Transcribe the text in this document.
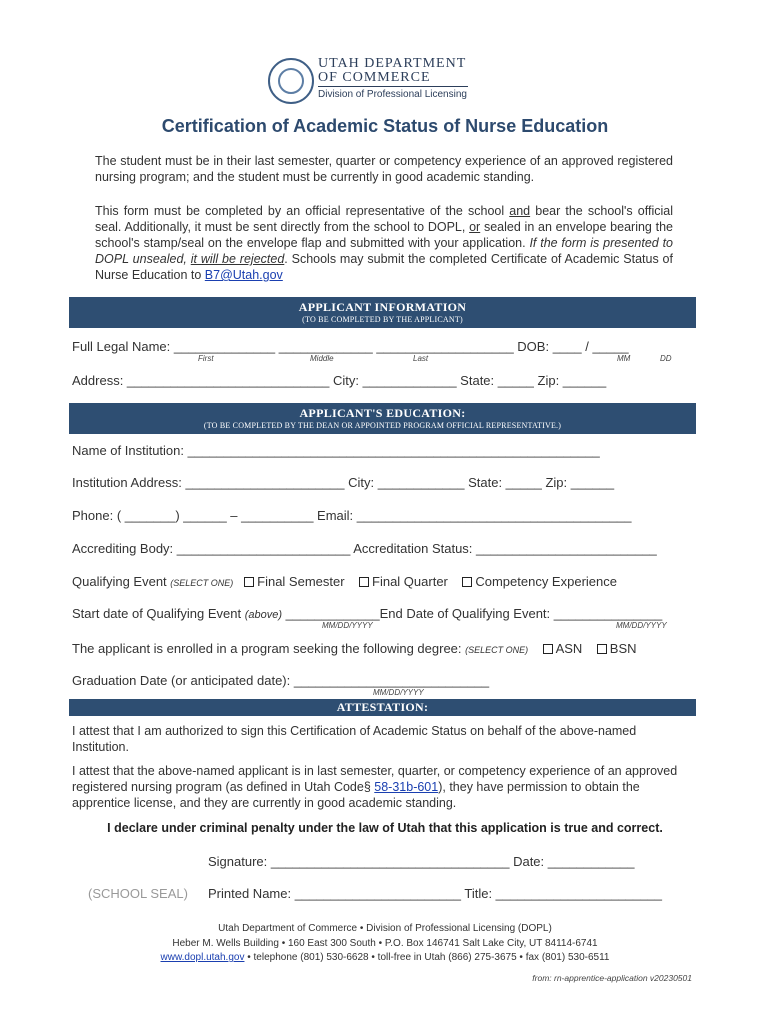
UTAH DEPARTMENT
OF COMMERCE
Division of Professional Licensing
Certification of Academic Status of Nurse Education
The student must be in their last semester, quarter or competency experience of an approved registered nursing program; and the student must be currently in good academic standing.
This form must be completed by an official representative of the school and bear the school's official seal. Additionally, it must be sent directly from the school to DOPL, or sealed in an envelope bearing the school's stamp/seal on the envelope flap and submitted with your application. If the form is presented to DOPL unsealed, it will be rejected. Schools may submit the completed Certificate of Academic Status of Nurse Education to B7@Utah.gov
APPLICANT INFORMATION
(TO BE COMPLETED BY THE APPLICANT)
Full Legal Name: ______________ _____________ ___________________ DOB: ____ / _____
First	Middle	Last	MM	DD
Address: ____________________________ City: _____________ State: _____ Zip: ______
APPLICANT'S EDUCATION:
(TO BE COMPLETED BY THE DEAN OR APPOINTED PROGRAM OFFICIAL REPRESENTATIVE.)
Name of Institution: _________________________________________________________
Institution Address: ______________________ City: ____________ State: _____ Zip: ______
Phone: ( _______) ______ – __________ Email: ______________________________________
Accrediting Body: ________________________ Accreditation Status: _________________________
Qualifying Event (SELECT ONE) Final Semester Final Quarter Competency Experience
Start date of Qualifying Event (above) _____________End Date of Qualifying Event: _______________
MM/DD/YYYY	MM/DD/YYYY
The applicant is enrolled in a program seeking the following degree: (SELECT ONE) ASN BSN
Graduation Date (or anticipated date): ___________________________
MM/DD/YYYY
ATTESTATION:
I attest that I am authorized to sign this Certification of Academic Status on behalf of the above-named Institution.
I attest that the above-named applicant is in last semester, quarter, or competency experience of an approved registered nursing program (as defined in Utah Code§ 58-31b-601), they have permission to obtain the apprentice license, and they are currently in good academic standing.
I declare under criminal penalty under the law of Utah that this application is true and correct.
Signature: _________________________________ Date: ____________
(SCHOOL SEAL) Printed Name: _______________________ Title: _______________________
Utah Department of Commerce • Division of Professional Licensing (DOPL)
Heber M. Wells Building • 160 East 300 South • P.O. Box 146741 Salt Lake City, UT 84114-6741
www.dopl.utah.gov • telephone (801) 530-6628 • toll-free in Utah (866) 275-3675 • fax (801) 530-6511
from: rn-apprentice-application v20230501
